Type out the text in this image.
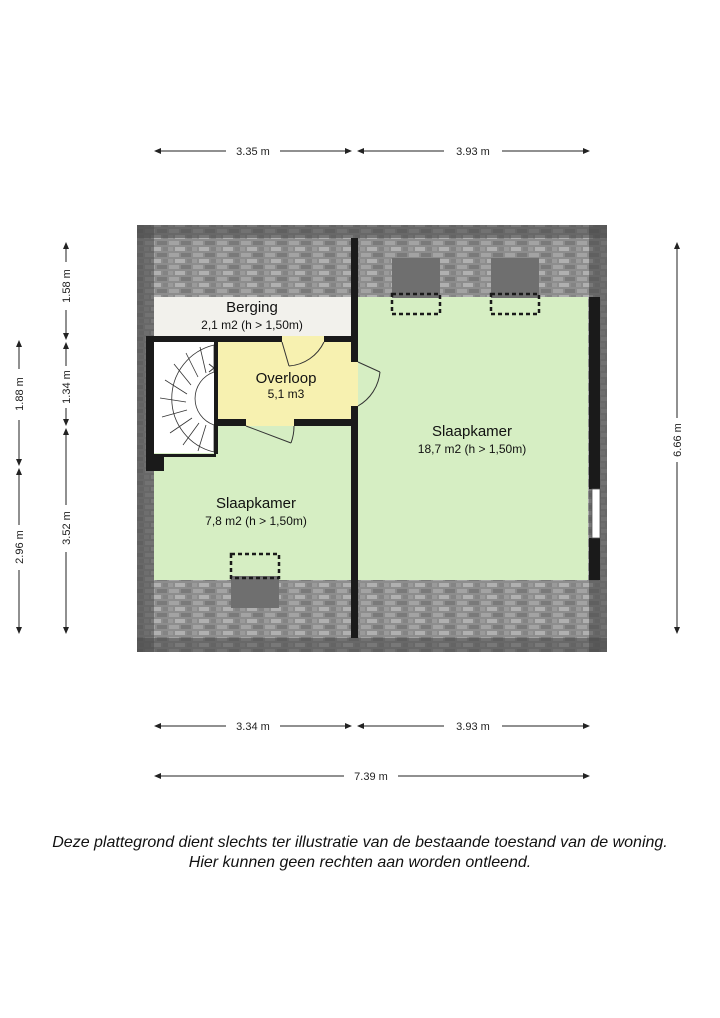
Berging
2,1 m2 (h > 1,50m)
Overloop
5,1 m3
Slaapkamer
7,8 m2 (h > 1,50m)
Slaapkamer
18,7 m2 (h > 1,50m)
3.35 m	3.93 m
3.34 m	3.93 m
7.39 m
1.58 m
1.34 m
3.52 m
1.88 m
2.96 m
6.66 m
Deze plattegrond dient slechts ter illustratie van de bestaande toestand van de woning.
Hier kunnen geen rechten aan worden ontleend.
